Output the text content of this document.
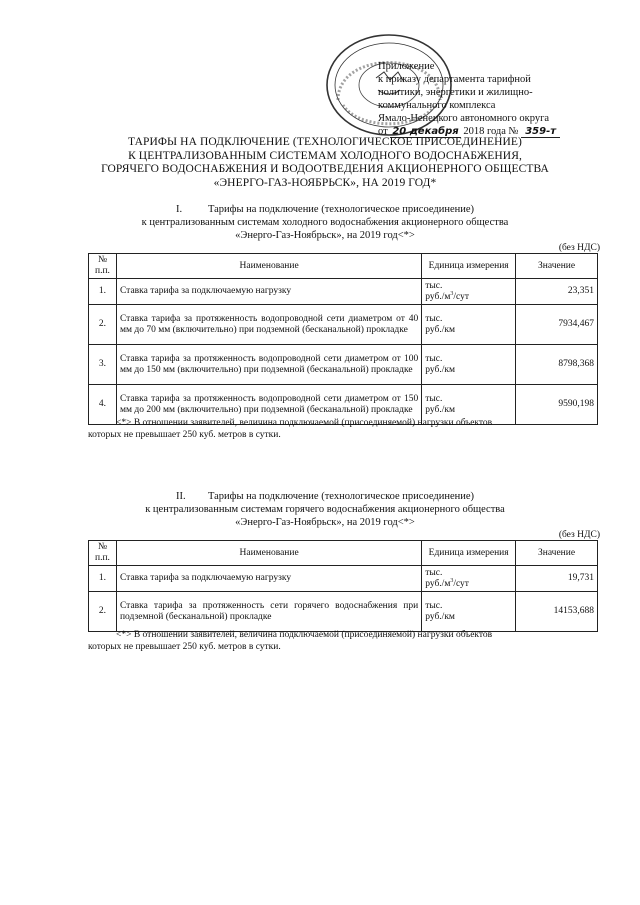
Приложение
к приказу департамента тарифной
политики, энергетики и жилищно-
коммунального комплекса
Ямало-Ненецкого автономного округа
от 20 декабря 2018 года № 359-т
ТАРИФЫ НА ПОДКЛЮЧЕНИЕ (ТЕХНОЛОГИЧЕСКОЕ ПРИСОЕДИНЕНИЕ)
К ЦЕНТРАЛИЗОВАННЫМ СИСТЕМАМ ХОЛОДНОГО ВОДОСНАБЖЕНИЯ,
ГОРЯЧЕГО ВОДОСНАБЖЕНИЯ И ВОДООТВЕДЕНИЯ АКЦИОНЕРНОГО ОБЩЕСТВА
«ЭНЕРГО-ГАЗ-НОЯБРЬСК», НА 2019 ГОД*
I. Тарифы на подключение (технологическое присоединение)
к централизованным системам холодного водоснабжения акционерного общества
«Энерго-Газ-Ноябрьск», на 2019 год<*>
(без НДС)
№ п.п.	Наименование	Единица измерения	Значение
1.	Ставка тарифа за подключаемую нагрузку	тыс.
$руб./м^3$/сут	23,351
2.	Ставка тарифа за протяженность водопроводной сети диаметром от 40 мм до 70 мм (включительно) при подземной (бесканальной) прокладке	тыс.
руб./км	7934,467
3.	Ставка тарифа за протяженность водопроводной сети диаметром от 100 мм до 150 мм (включительно) при подземной (бесканальной) прокладке	тыс.
руб./км	8798,368
4.	Ставка тарифа за протяженность водопроводной сети диаметром от 150 мм до 200 мм (включительно) при подземной (бесканальной) прокладке	тыс.
руб./км	9590,198
<*> В отношении заявителей, величина подключаемой (присоединяемой) нагрузки объектов
которых не превышает 250 куб. метров в сутки.
II. Тарифы на подключение (технологическое присоединение)
к централизованным системам горячего водоснабжения акционерного общества
«Энерго-Газ-Ноябрьск», на 2019 год<*>
(без НДС)
№ п.п.	Наименование	Единица измерения	Значение
1.	Ставка тарифа за подключаемую нагрузку	тыс.
$руб./м^3$/сут	19,731
2.	Ставка тарифа за протяженность сети горячего водоснабжения при подземной (бесканальной) прокладке	тыс.
руб./км	14153,688
<*> В отношении заявителей, величина подключаемой (присоединяемой) нагрузки объектов
которых не превышает 250 куб. метров в сутки.
